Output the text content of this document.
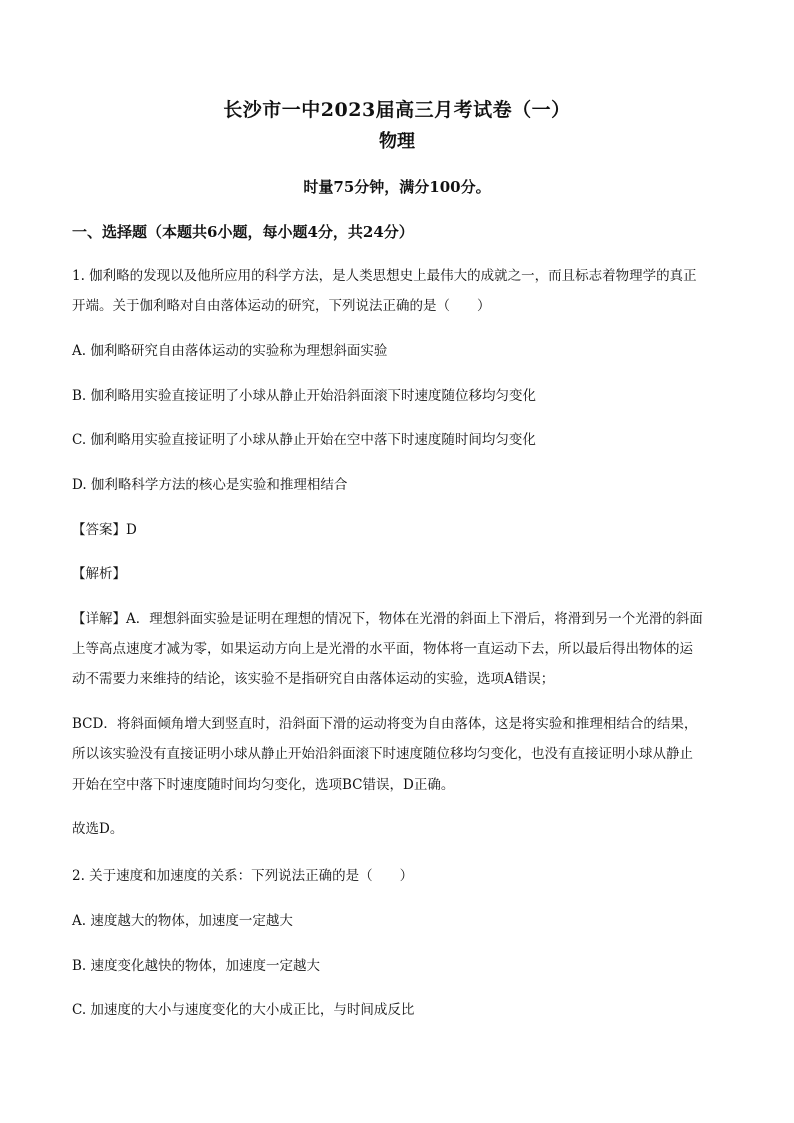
长沙市一中2023届高三月考试卷（一）
物理
时量75分钟，满分100分。
一、选择题（本题共6小题，每小题4分，共24分）
1. 伽利略的发现以及他所应用的科学方法，是人类思想史上最伟大的成就之一，而且标志着物理学的真正
开端。关于伽利略对自由落体运动的研究，下列说法正确的是（　　）
A. 伽利略研究自由落体运动的实验称为理想斜面实验
B. 伽利略用实验直接证明了小球从静止开始沿斜面滚下时速度随位移均匀变化
C. 伽利略用实验直接证明了小球从静止开始在空中落下时速度随时间均匀变化
D. 伽利略科学方法的核心是实验和推理相结合
【答案】D
【解析】
【详解】A．理想斜面实验是证明在理想的情况下，物体在光滑的斜面上下滑后，将滑到另一个光滑的斜面
上等高点速度才减为零，如果运动方向上是光滑的水平面，物体将一直运动下去，所以最后得出物体的运
动不需要力来维持的结论，该实验不是指研究自由落体运动的实验，选项A错误；
BCD．将斜面倾角增大到竖直时，沿斜面下滑的运动将变为自由落体，这是将实验和推理相结合的结果，
所以该实验没有直接证明小球从静止开始沿斜面滚下时速度随位移均匀变化，也没有直接证明小球从静止
开始在空中落下时速度随时间均匀变化，选项BC错误，D正确。
故选D。
2. 关于速度和加速度的关系：下列说法正确的是（　　）
A. 速度越大的物体，加速度一定越大
B. 速度变化越快的物体，加速度一定越大
C. 加速度的大小与速度变化的大小成正比，与时间成反比
